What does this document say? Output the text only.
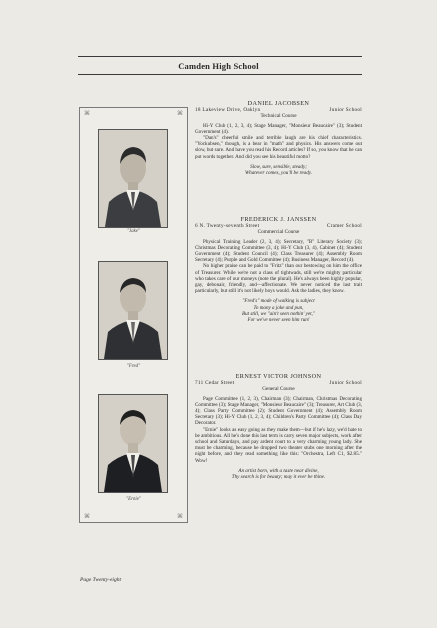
Camden High School
⌘	⌘
"Jake"
"Fred"
"Ernie"
⌘	⌘
DANIEL JACOBSEN
18 Lakeview Drive, Oaklyn	Junior School
Technical Course

Hi-Y Club (1, 2, 3, 4); Stage Manager, "Monsieur Beaucaire" (3); Student Government (4).

"Dan's" cheerful smile and terrible laugh are his chief characteristics. "Yockubsen," though, is a bear in "math" and physics. His answers come out slow, but sure. And have you read his Record articles? If so, you know that he can put words together. And did you see his beautiful motto?

Slow, sure, sensible, steady;
Whatever comes, you'll be ready.
FREDERICK J. JANSSEN
6 N. Twenty-seventh Street	Cramer School
Commercial Course

Physical Training Leader (2, 3, 4); Secretary, "B" Literary Society (3); Christmas Decorating Committee (3, 4); Hi-Y Club (3, 4), Cabinet (4); Student Government (4); Student Council (4); Class Treasurer (4); Assembly Room Secretary (4); Purple and Gold Committee (4); Business Manager, Record (4).

No higher praise can be paid to "Fritz" than our bestowing on him the office of Treasurer. While we're not a class of tightwads, still we're mighty particular who takes care of our moneys (note the plural). He's always been highly popular, gay, debonair, friendly, and—affectionate. We never noticed the last trait particularly, but still it's not likely boys would. Ask the ladies, they know.

"Fred's" mode of walking is subject
To many a joke and pun,
But still, we "ain't seen nothin' yet,"
For we've never seen him run!
ERNEST VICTOR JOHNSON
711 Cedar Street	Junior School
General Course

Page Committee (1, 2, 3), Chairman (3); Chairman, Christmas Decorating Committee (3); Stage Manager, "Monsieur Beaucaire" (3); Treasurer, Art Club (3, 4); Class Party Committee (2); Student Government (4); Assembly Room Secretary (3); Hi-Y Club (1, 2, 3, 4); Children's Party Committee (4); Class Day Decorator.

"Ernie" looks as easy going as they make them—but if he's lazy, we'd hate to be ambitious. All he's done this last term is carry seven major subjects, work after school and Saturdays, and pay ardent court to a very charming young lady. She must be charming, because he dropped two theater stubs one morning after the night before, and they read something like this: "Orchestra, Left C1, $2.85." Wow!

An artist born, with a taste near divine,
Thy search is for beauty; may it ever be thine.
Page Twenty-eight
